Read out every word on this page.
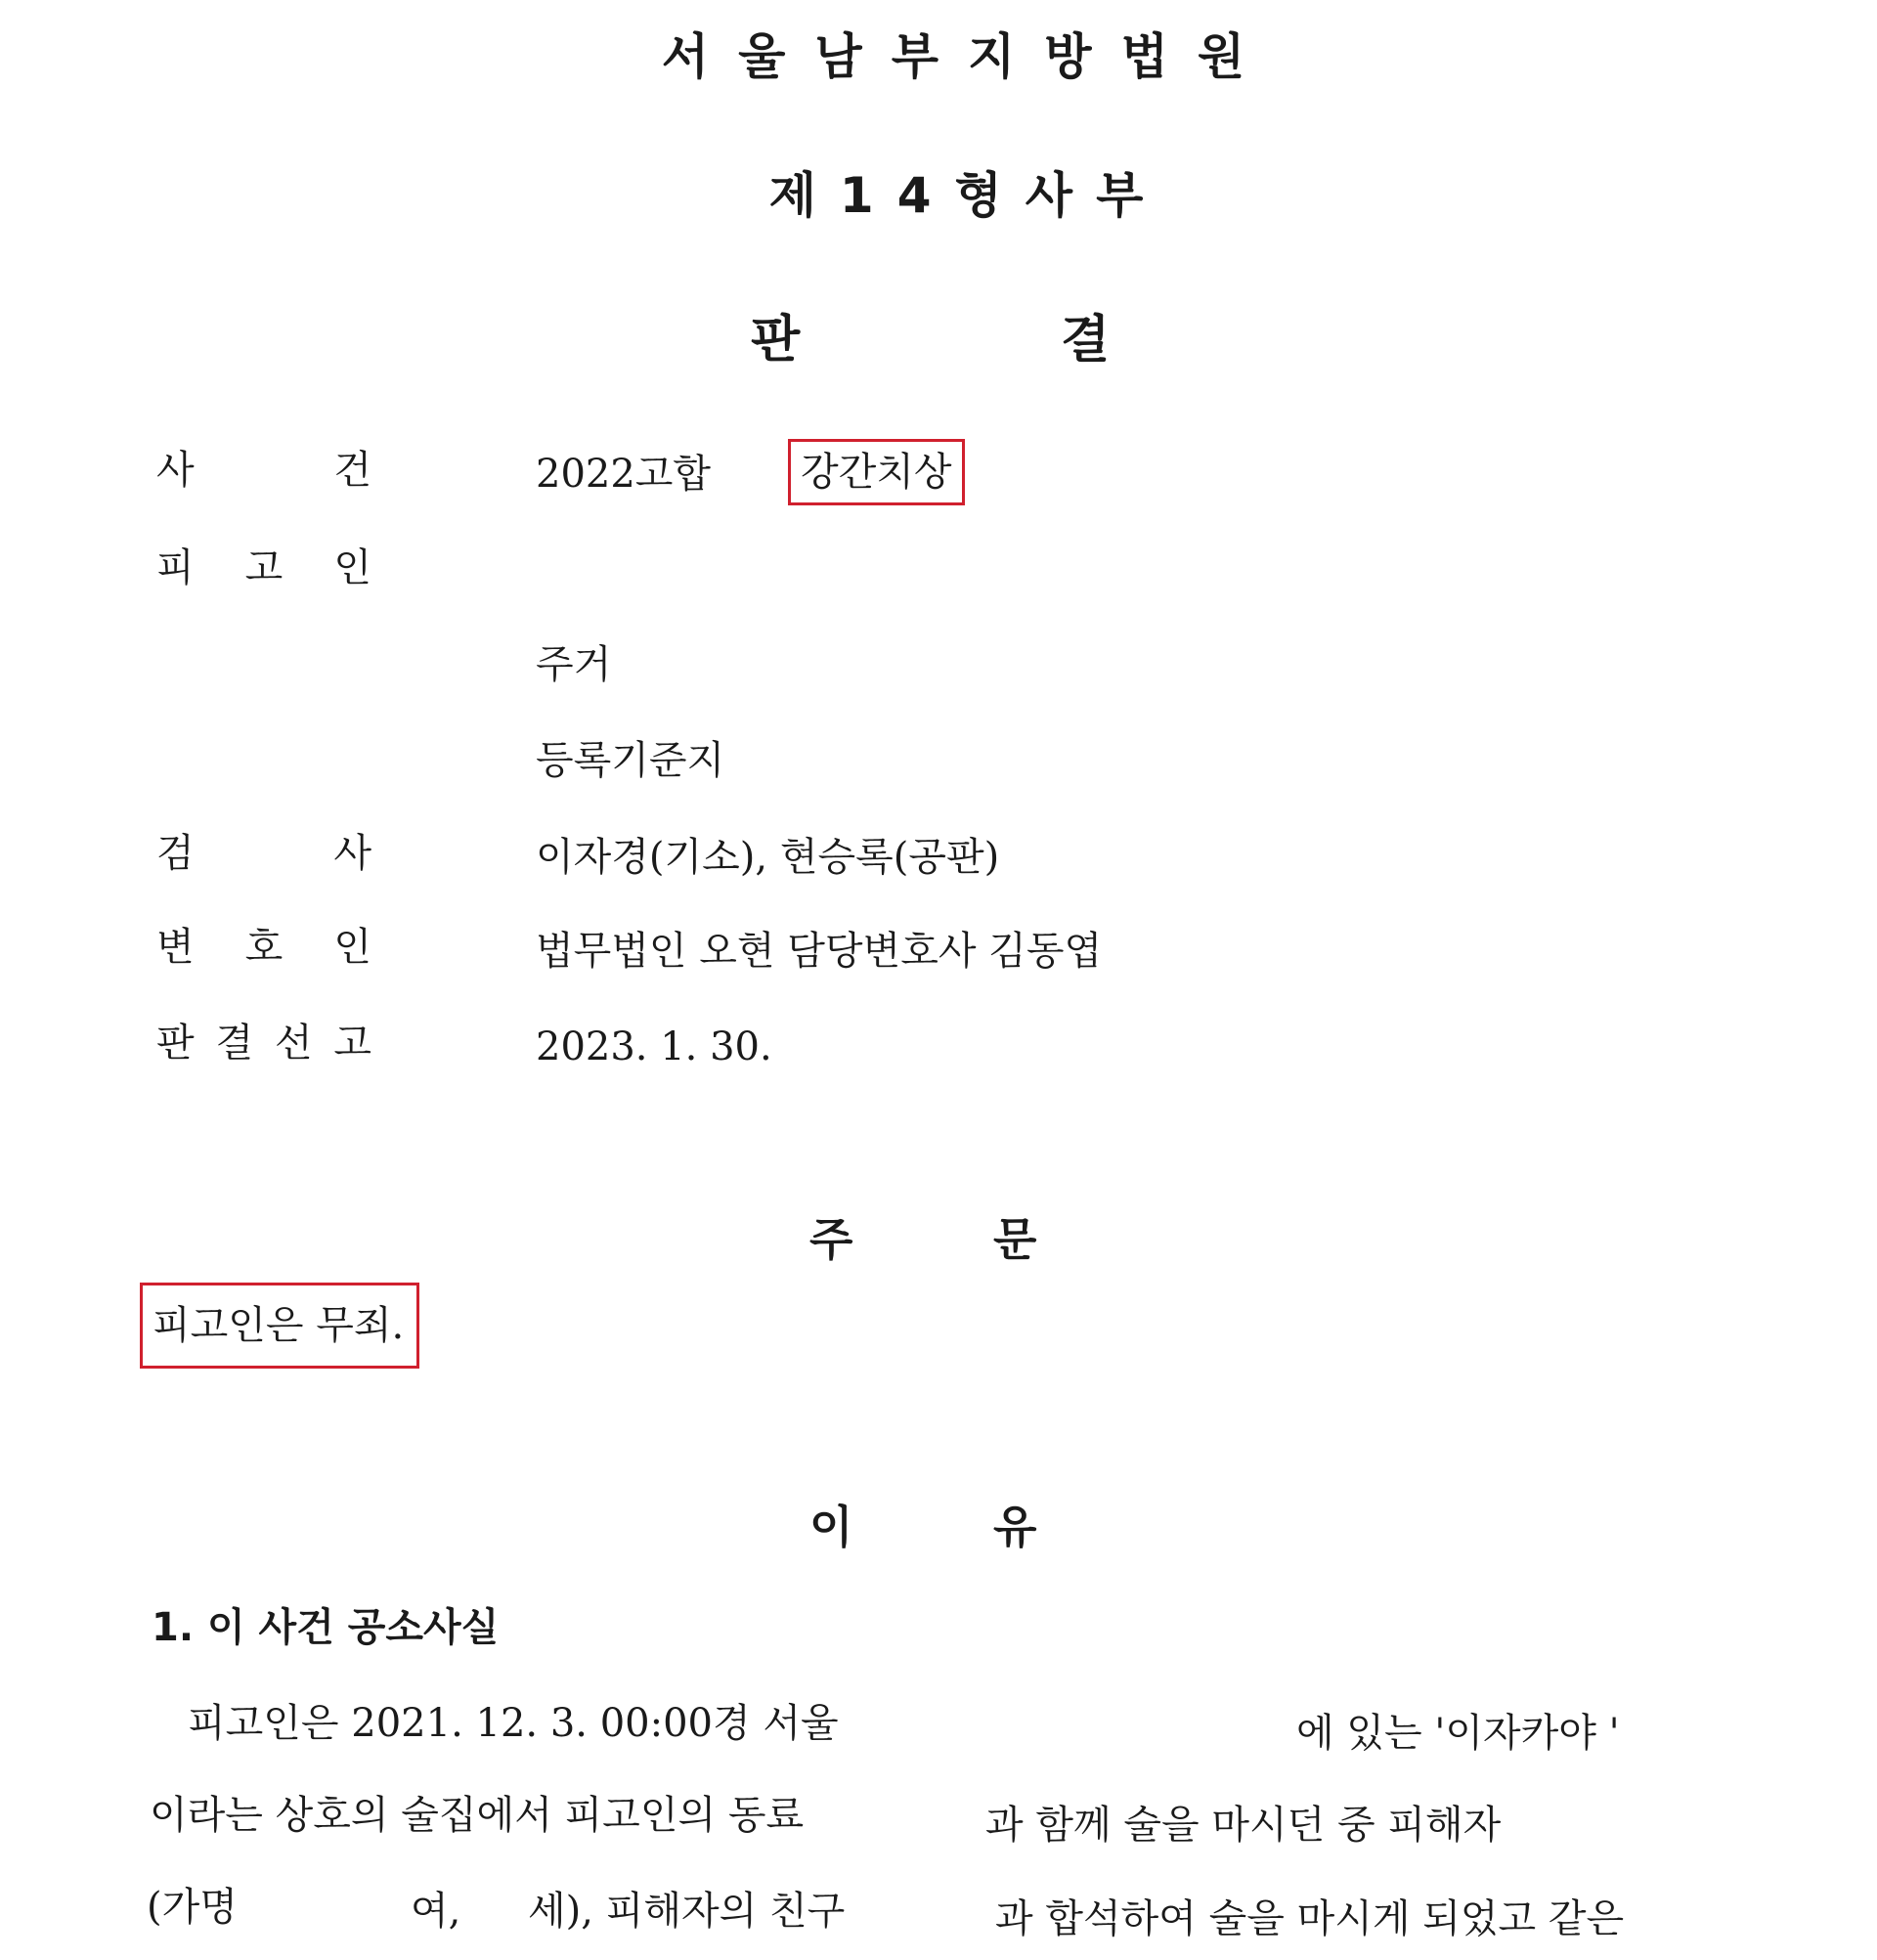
서울남부지방법원
제14형사부
판	결
사	건	2022고합	강간치상
피 고 인
주거
등록기준지
검	사	이자경(기소), 현승록(공판)
변 호 인	법무법인 오현 담당변호사 김동엽
판 결 선 고	2023. 1. 30.
주	문
피고인은 무죄.
이	유
1. 이 사건 공소사실
피고인은 2021. 12. 3. 00:00경 서울	에 있는 '이자카야 '
이라는 상호의 술집에서 피고인의 동료	과 함께 술을 마시던 중 피해자
(가명	여, 세), 피해자의 친구	과 합석하여 술을 마시게 되었고 같은
